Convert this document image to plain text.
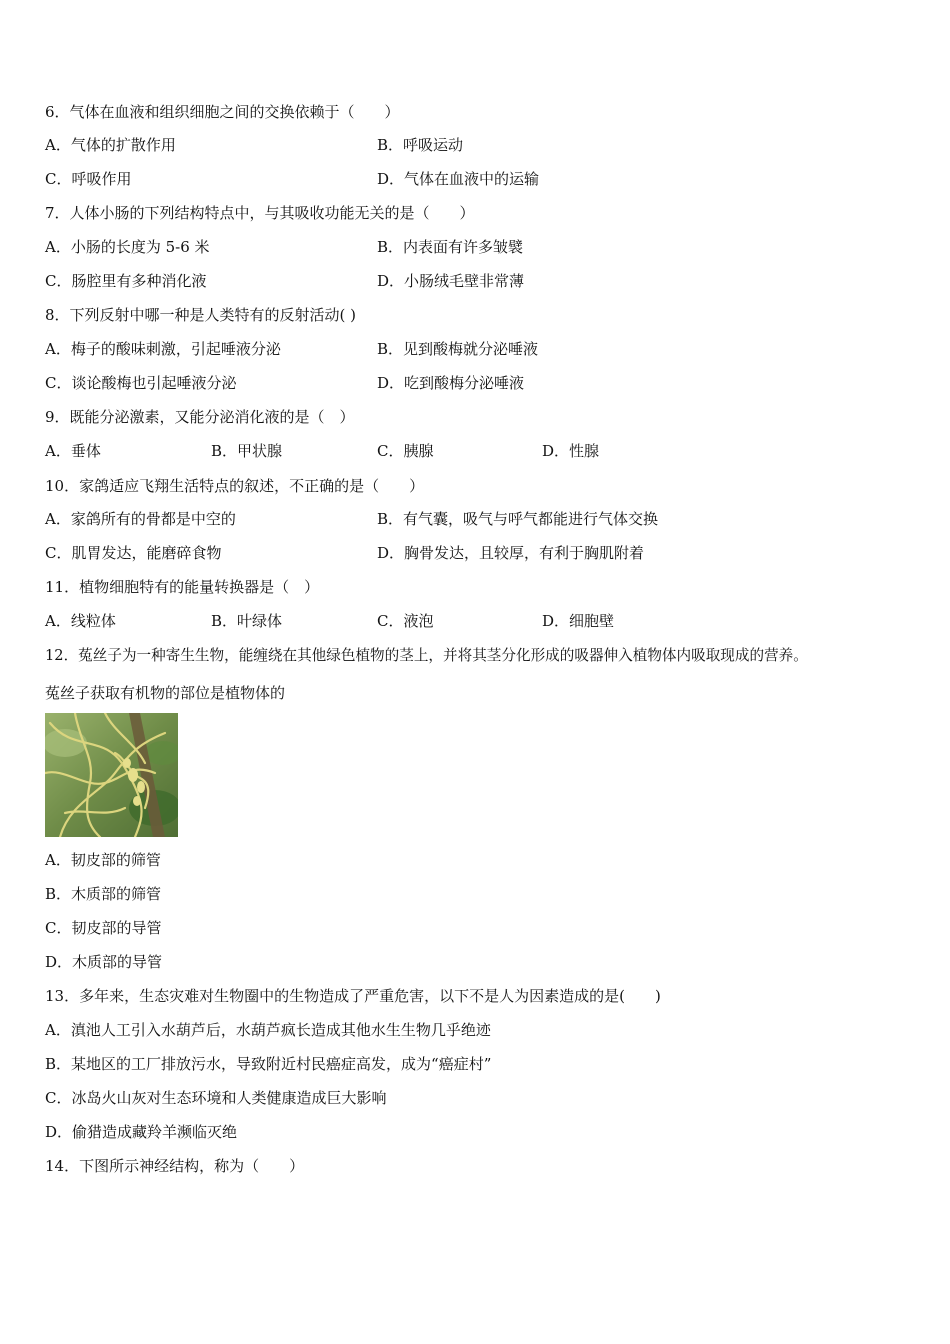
6．气体在血液和组织细胞之间的交换依赖于（　　）
A．气体的扩散作用	B．呼吸运动
C．呼吸作用	D．气体在血液中的运输
7．人体小肠的下列结构特点中，与其吸收功能无关的是（　　）
A．小肠的长度为 5-6 米	B．内表面有许多皱襞
C．肠腔里有多种消化液	D．小肠绒毛壁非常薄
8．下列反射中哪一种是人类特有的反射活动( )
A．梅子的酸味刺激，引起唾液分泌	B．见到酸梅就分泌唾液
C．谈论酸梅也引起唾液分泌	D．吃到酸梅分泌唾液
9．既能分泌激素，又能分泌消化液的是（　）
A．垂体	B．甲状腺	C．胰腺	D．性腺
10．家鸽适应飞翔生活特点的叙述，不正确的是（　　）
A．家鸽所有的骨都是中空的	B．有气囊，吸气与呼气都能进行气体交换
C．肌胃发达，能磨碎食物	D．胸骨发达，且较厚，有利于胸肌附着
11．植物细胞特有的能量转换器是（　）
A．线粒体	B．叶绿体	C．液泡	D．细胞壁
12．菟丝子为一种寄生生物，能缠绕在其他绿色植物的茎上，并将其茎分化形成的吸器伸入植物体内吸取现成的营养。
菟丝子获取有机物的部位是植物体的
A．韧皮部的筛管
B．木质部的筛管
C．韧皮部的导管
D．木质部的导管
13．多年来，生态灾难对生物圈中的生物造成了严重危害，以下不是人为因素造成的是(　　)
A．滇池人工引入水葫芦后，水葫芦疯长造成其他水生生物几乎绝迹
B．某地区的工厂排放污水，导致附近村民癌症高发，成为“癌症村”
C．冰岛火山灰对生态环境和人类健康造成巨大影响
D．偷猎造成藏羚羊濒临灭绝
14．下图所示神经结构，称为（　　）
